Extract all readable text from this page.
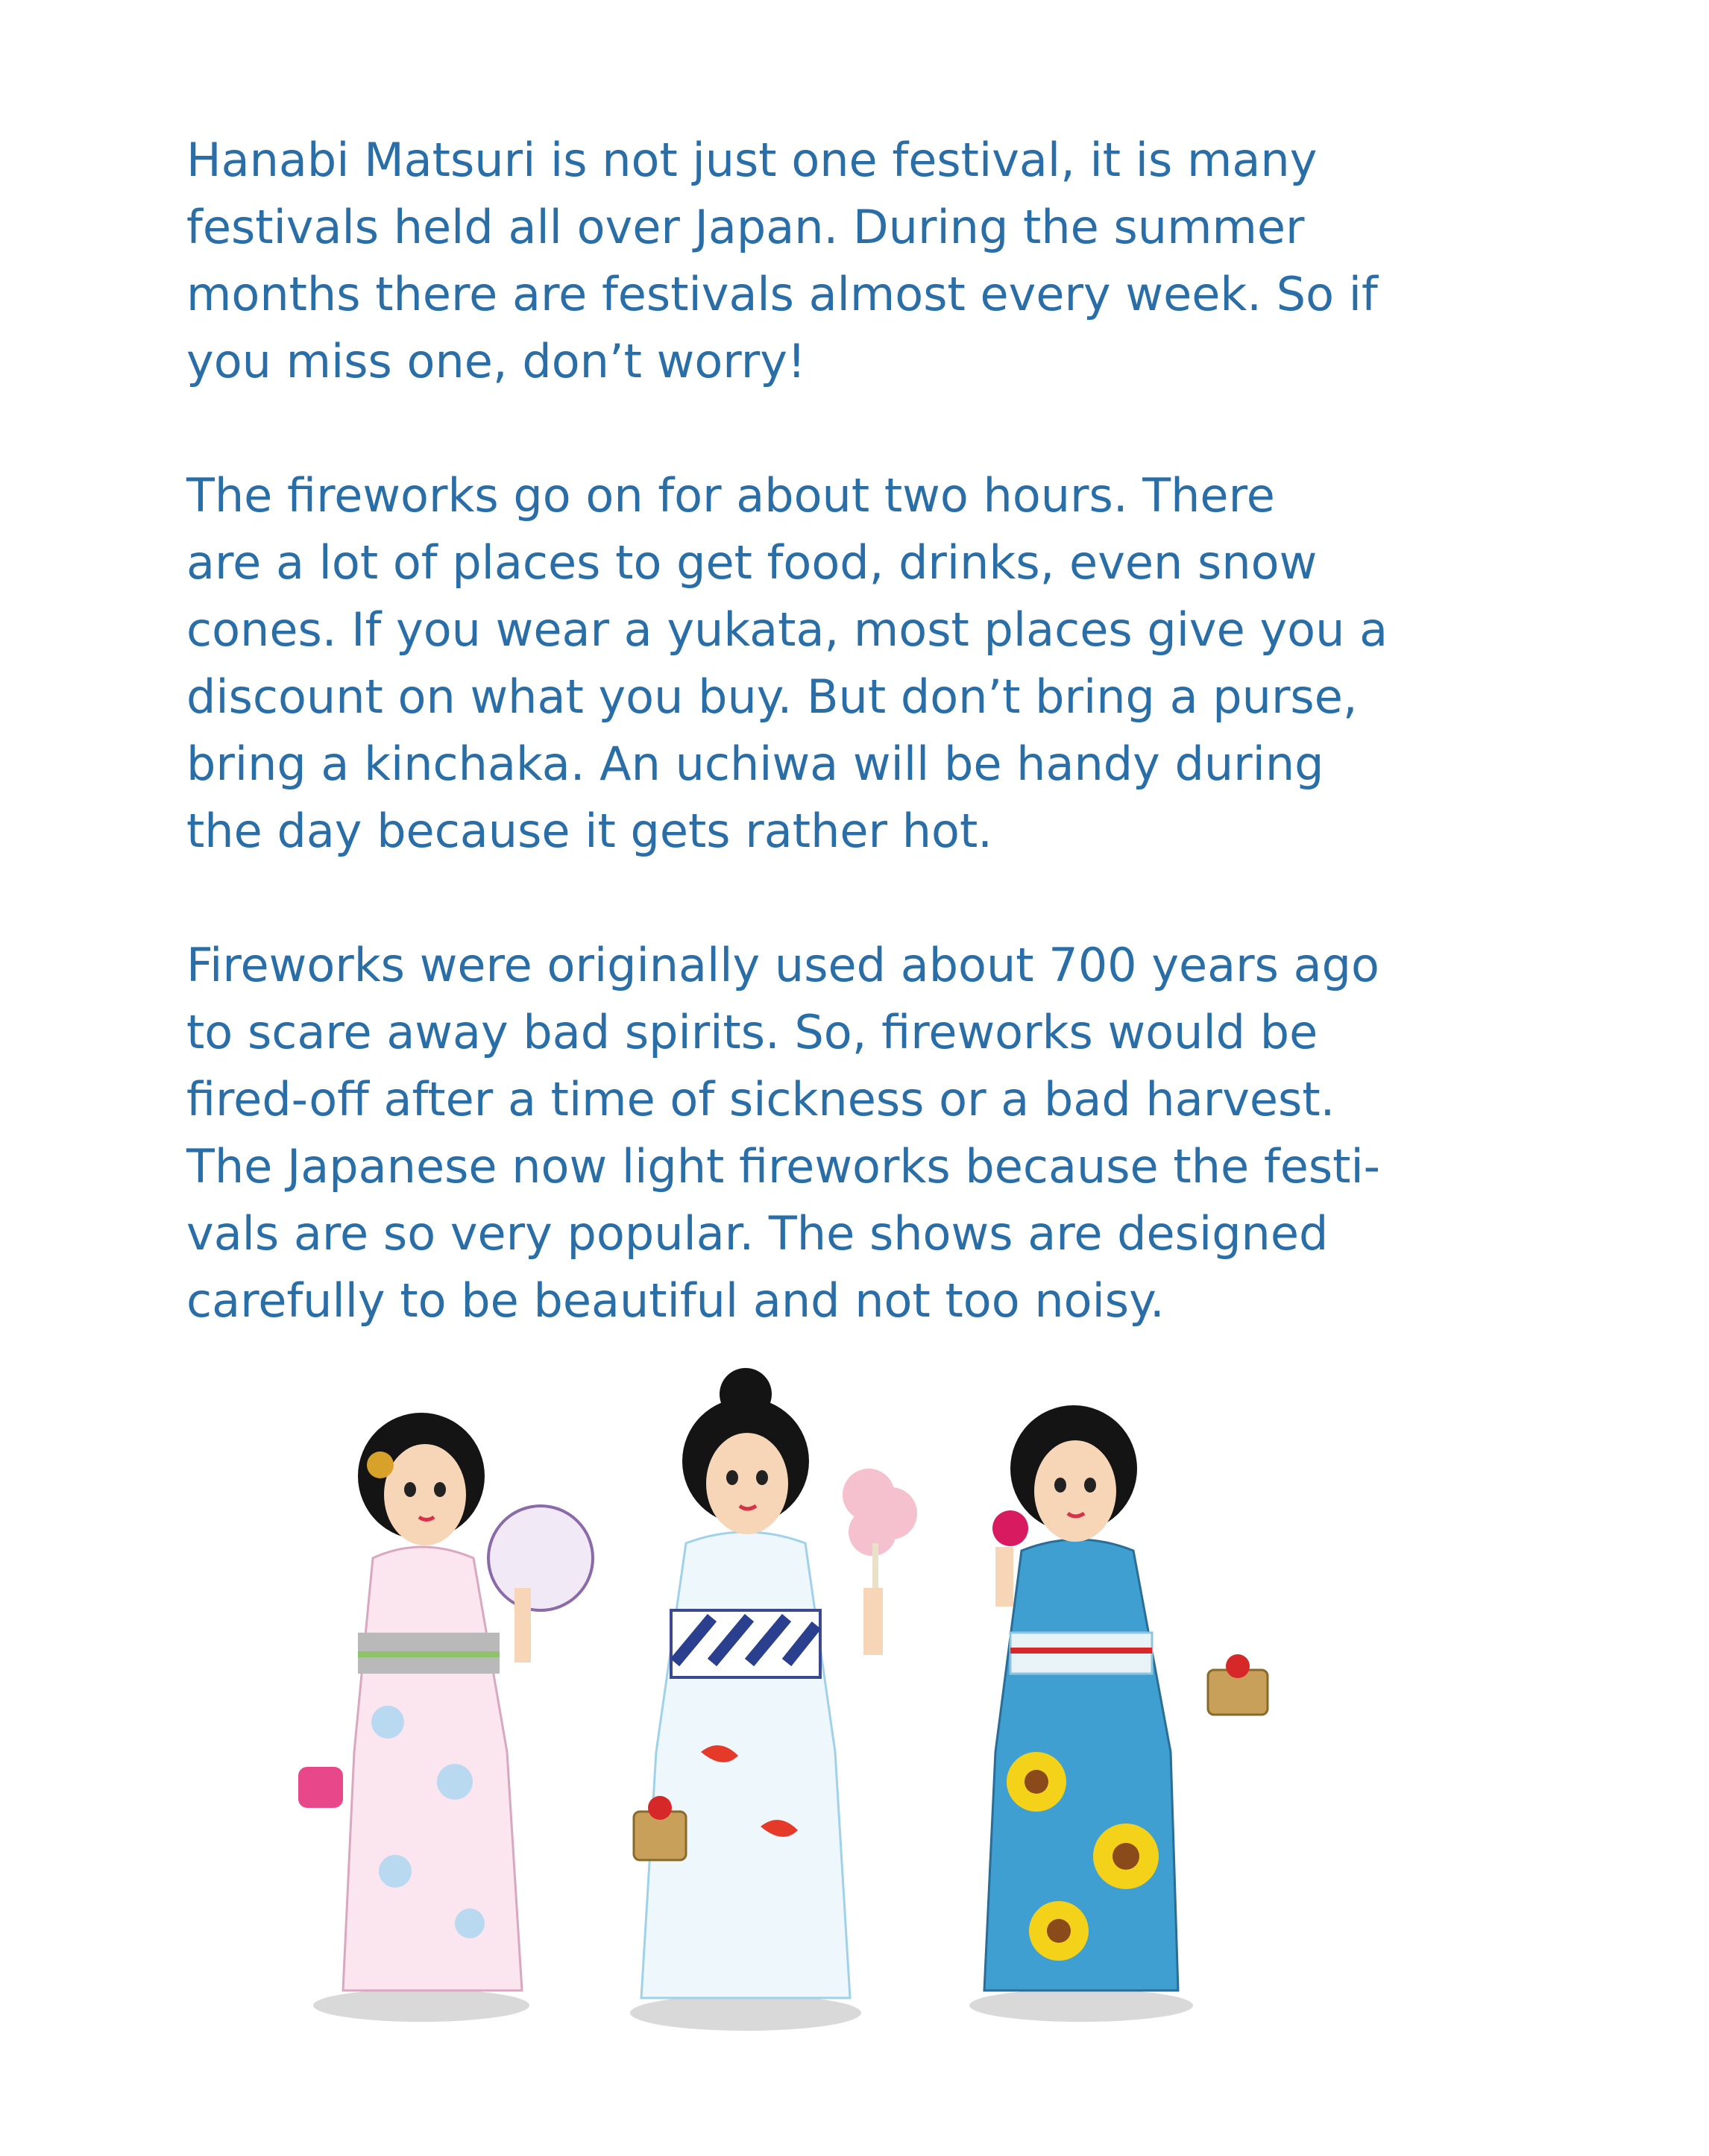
Hanabi Matsuri is not just one festival, it is many
festivals held all over Japan. During the summer
months there are festivals almost every week. So if
you miss one, don’t worry!

The fireworks go on for about two hours. There
are a lot of places to get food, drinks, even snow
cones. If you wear a yukata, most places give you a
discount on what you buy. But don’t bring a purse,
bring a kinchaka. An uchiwa will be handy during
the day because it gets rather hot.

Fireworks were originally used about 700 years ago
to scare away bad spirits. So, fireworks would be
fired-off after a time of sickness or a bad harvest.
The Japanese now light fireworks because the festi-
vals are so very popular. The shows are designed
carefully to be beautiful and not too noisy.
